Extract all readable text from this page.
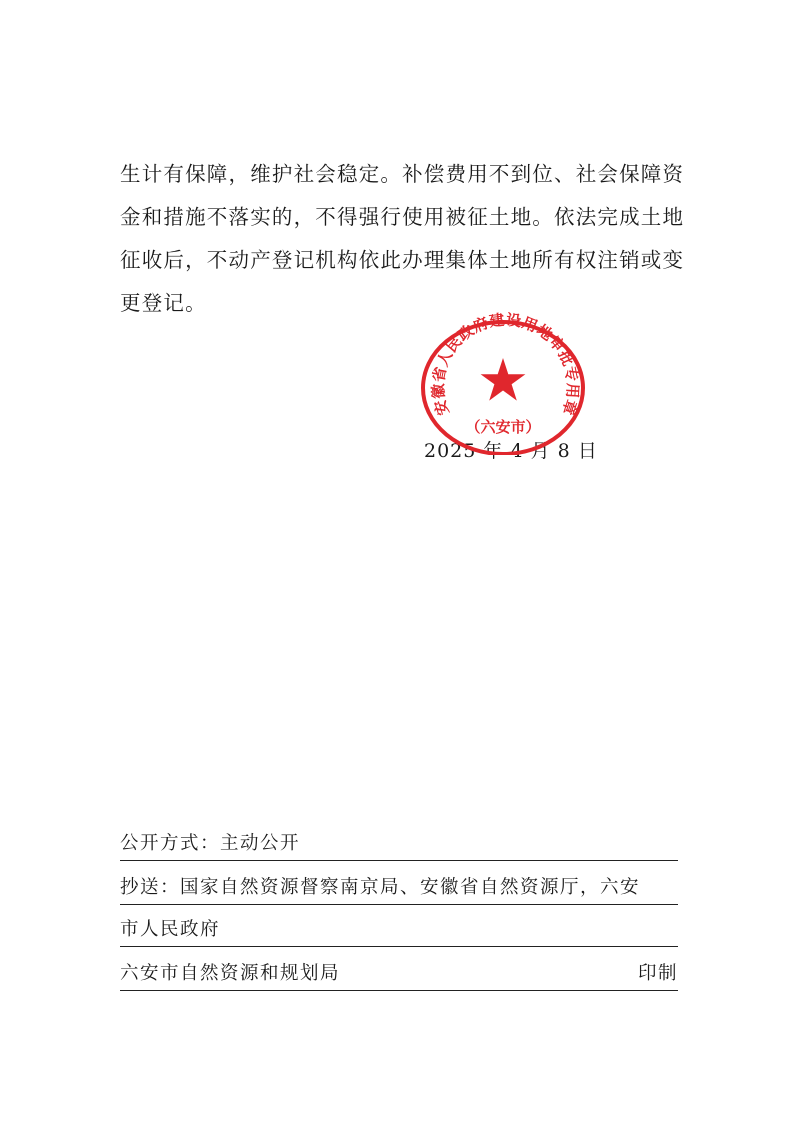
生计有保障，维护社会稳定。补偿费用不到位、社会保障资
金和措施不落实的，不得强行使用被征土地。依法完成土地
征收后，不动产登记机构依此办理集体土地所有权注销或变
更登记。
2025 年 4 月 8 日
安徽省人民政府建设用地审批专用章
（六安市）
公开方式：主动公开
抄送：国家自然资源督察南京局、安徽省自然资源厅，六安
市人民政府
六安市自然资源和规划局	印制
